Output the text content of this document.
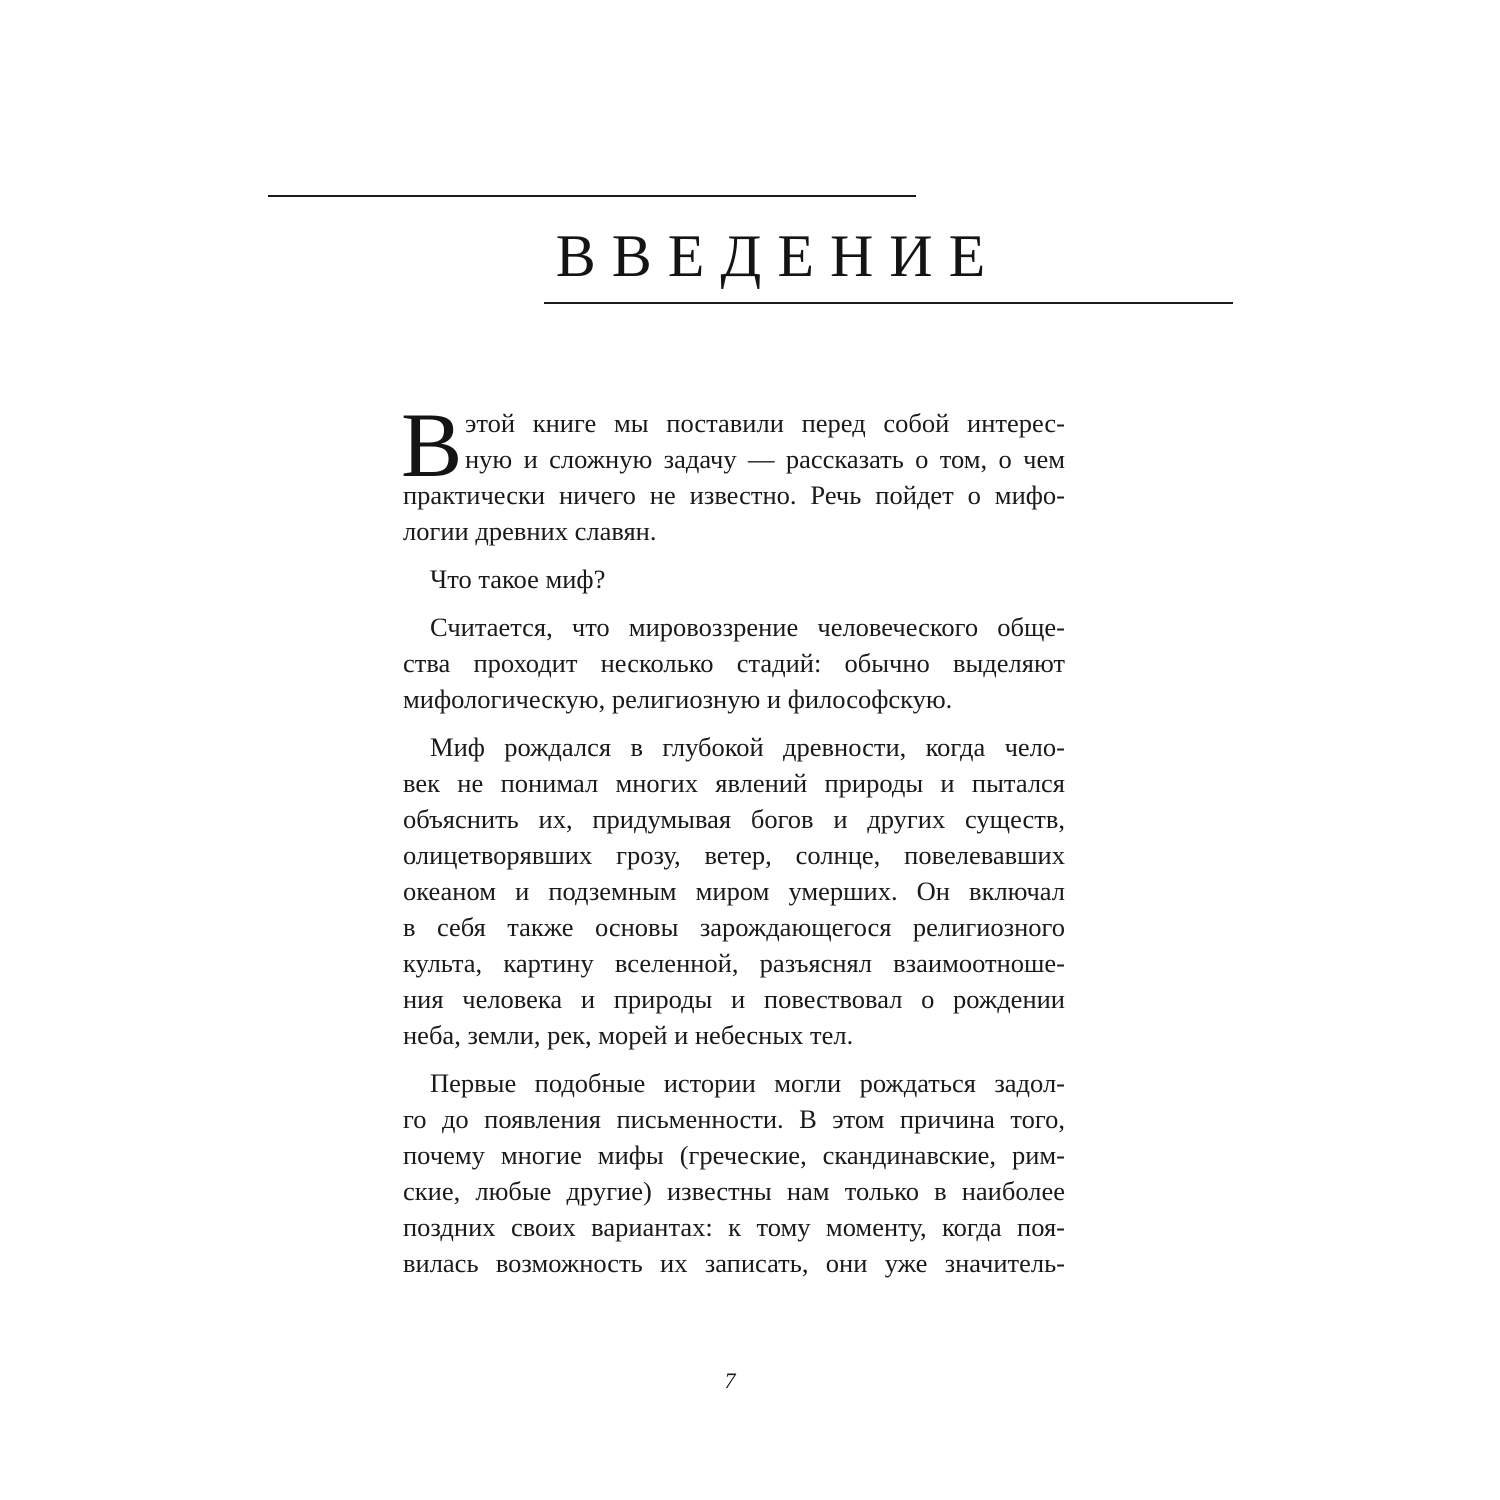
ВВЕДЕНИЕ
В этой книге мы поставили перед собой интерес-
ную и сложную задачу — рассказать о том, о чем
практически ничего не известно. Речь пойдет о мифо-
логии древних славян.
Что такое миф?
Считается, что мировоззрение человеческого обще-
ства проходит несколько стадий: обычно выделяют
мифологическую, религиозную и философскую.
Миф рождался в глубокой древности, когда чело-
век не понимал многих явлений природы и пытался
объяснить их, придумывая богов и других существ,
олицетворявших грозу, ветер, солнце, повелевавших
океаном и подземным миром умерших. Он включал
в себя также основы зарождающегося религиозного
культа, картину вселенной, разъяснял взаимоотноше-
ния человека и природы и повествовал о рождении
неба, земли, рек, морей и небесных тел.
Первые подобные истории могли рождаться задол-
го до появления письменности. В этом причина того,
почему многие мифы (греческие, скандинавские, рим-
ские, любые другие) известны нам только в наиболее
поздних своих вариантах: к тому моменту, когда поя-
вилась возможность их записать, они уже значитель-
7
